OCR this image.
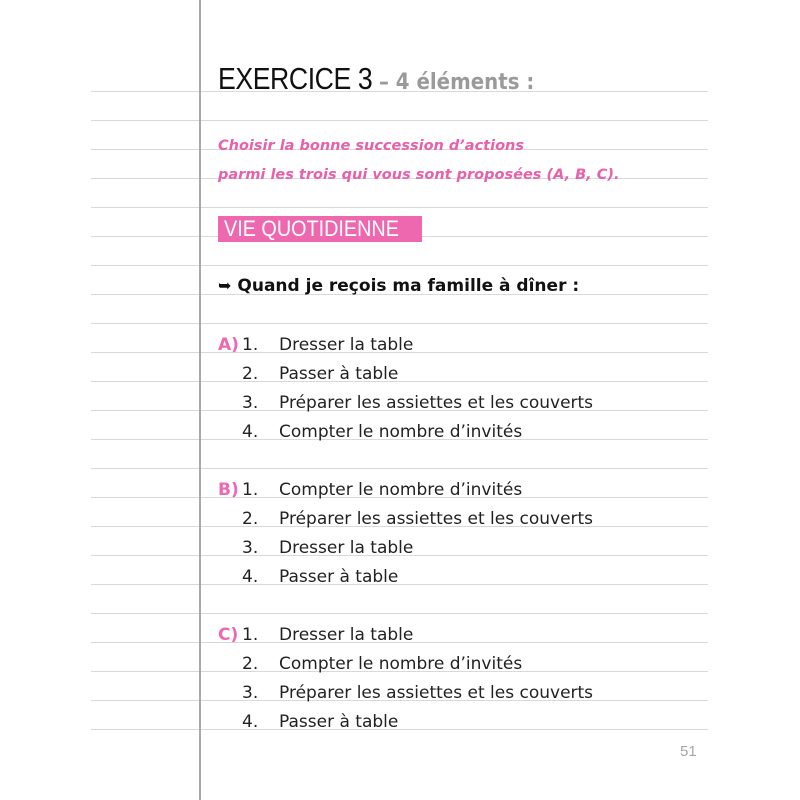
EXERCICE 3 – 4 éléments :
Choisir la bonne succession d’actions
parmi les trois qui vous sont proposées (A, B, C).
VIE QUOTIDIENNE
➥ Quand je reçois ma famille à dîner :
A) 1. Dresser la table
2. Passer à table
3. Préparer les assiettes et les couverts
4. Compter le nombre d’invités
B) 1. Compter le nombre d’invités
2. Préparer les assiettes et les couverts
3. Dresser la table
4. Passer à table
C) 1. Dresser la table
2. Compter le nombre d’invités
3. Préparer les assiettes et les couverts
4. Passer à table
51
